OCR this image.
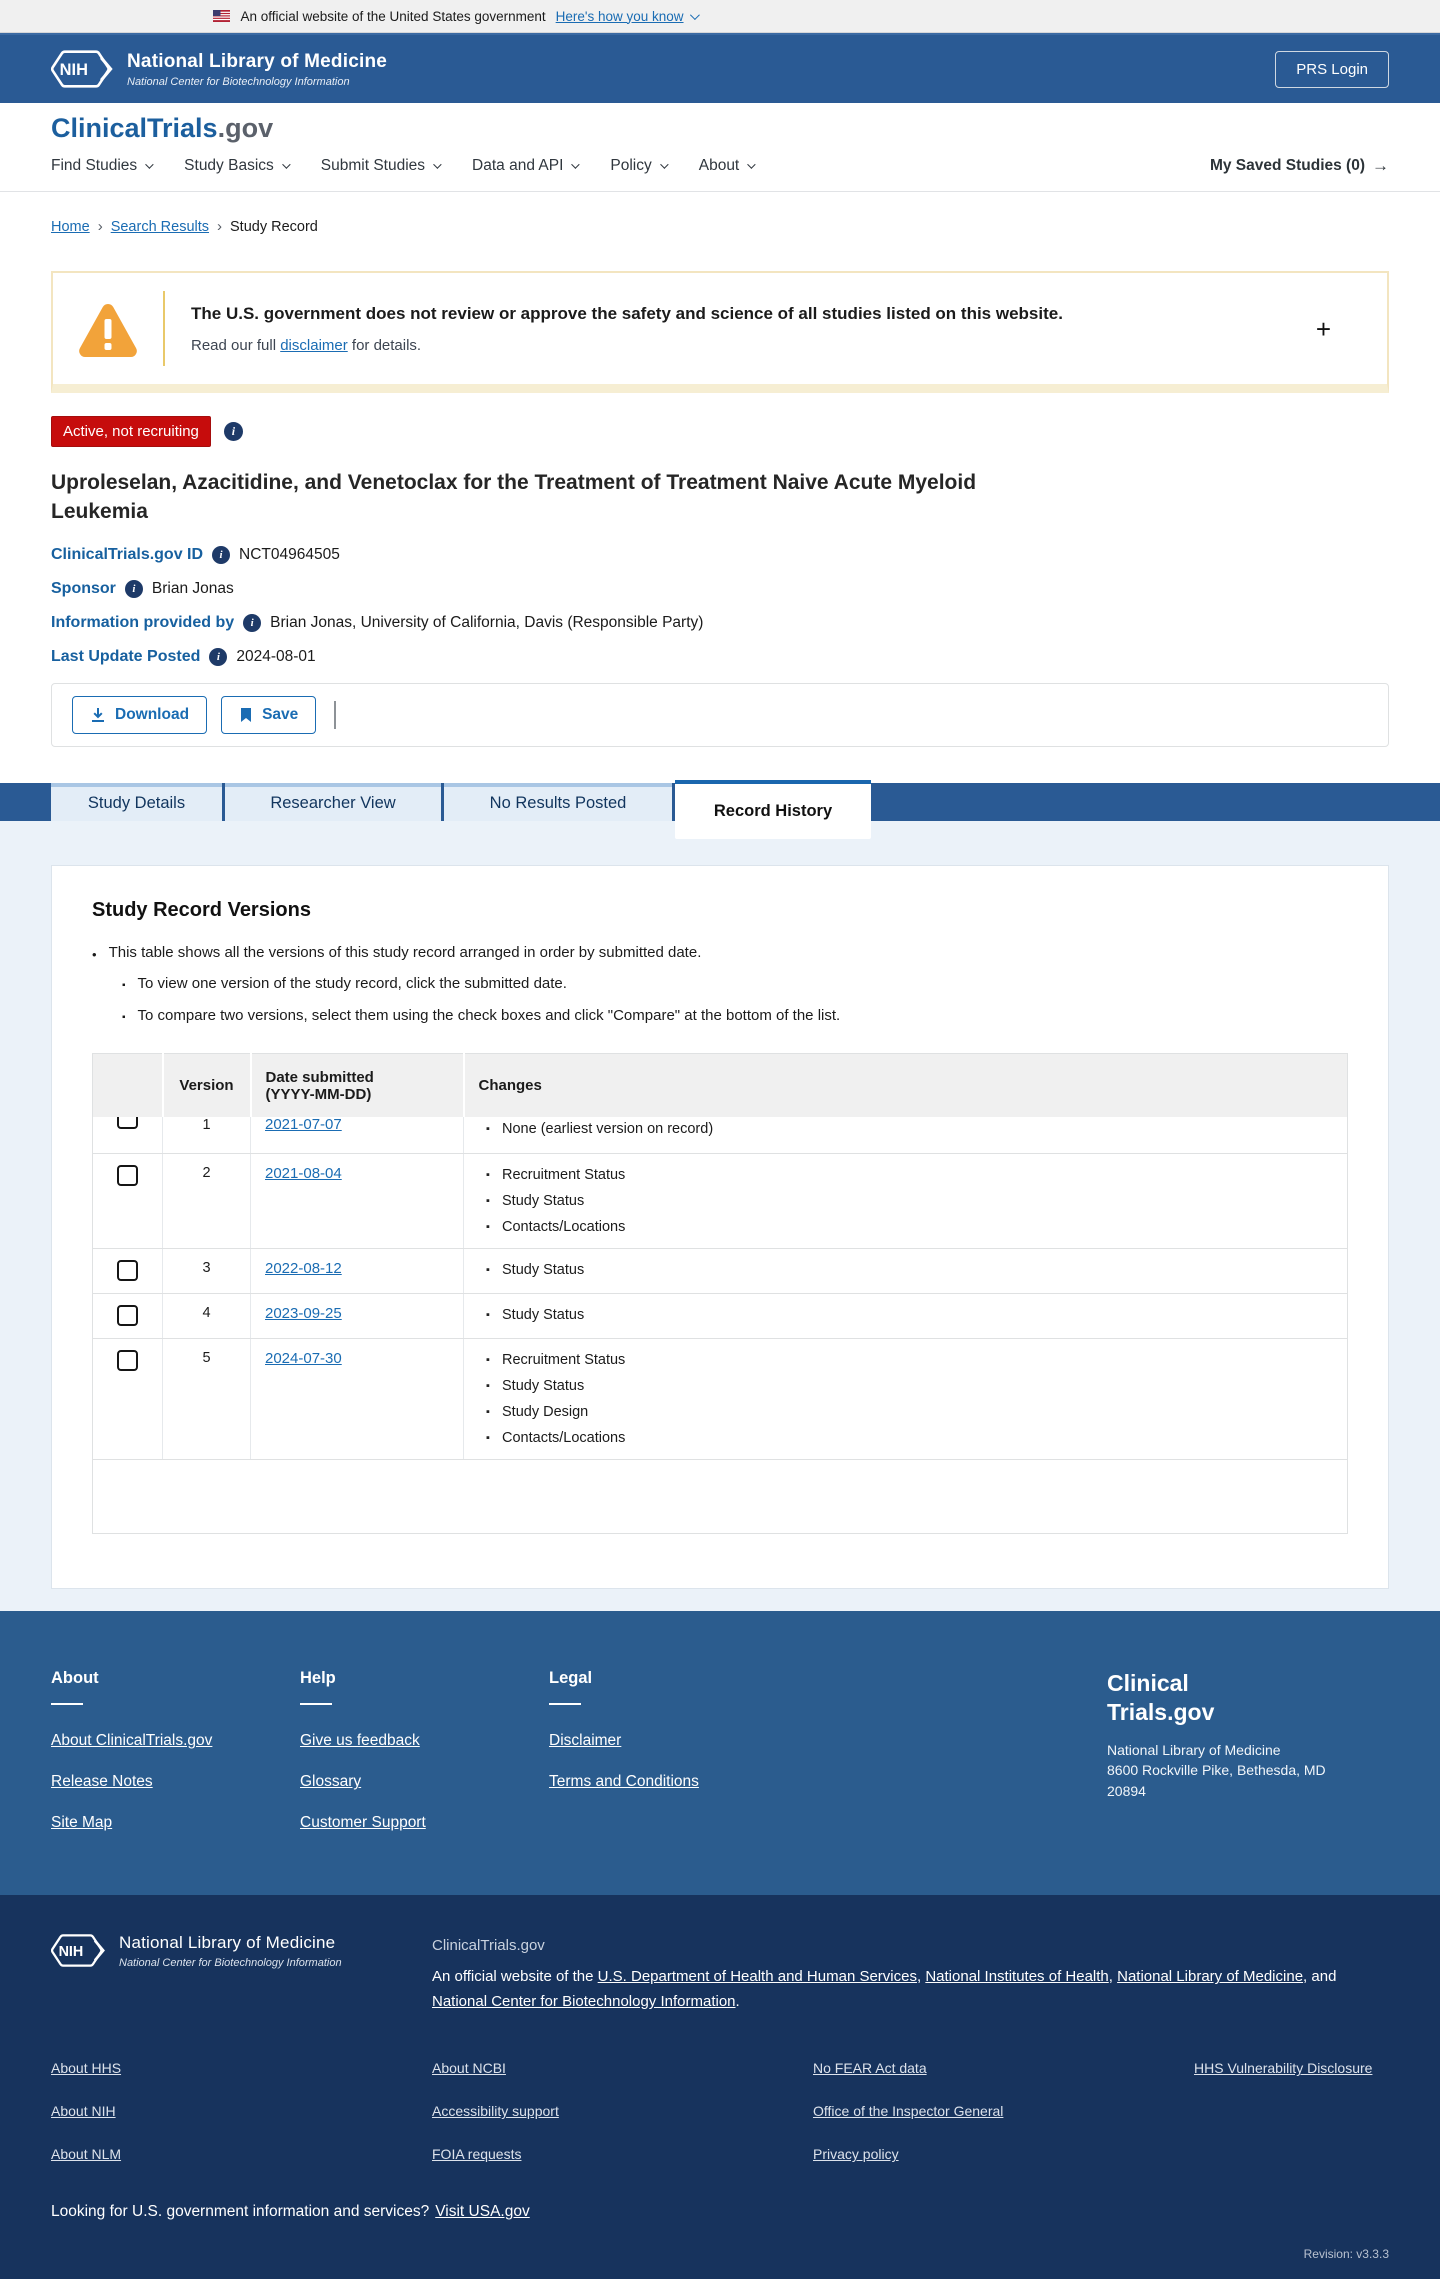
An official website of the United States government Here's how you know
NIH National Library of Medicine
National Center for Biotechnology Information
PRS Login
ClinicalTrials.gov
Find Studies	Study Basics	Submit Studies	Data and API	Policy	About	My Saved Studies (0) →
Home › Search Results › Study Record
The U.S. government does not review or approve the safety and science of all studies listed on this website.
Read our full disclaimer for details.
+
Active, not recruiting	i
Uproleselan, Azacitidine, and Venetoclax for the Treatment of Treatment Naive Acute Myeloid Leukemia
ClinicalTrials.gov ID	i	NCT04964505
Sponsor	i	Brian Jonas
Information provided by	i	Brian Jonas, University of California, Davis (Responsible Party)
Last Update Posted	i	2024-08-01
Download	Save
Study Details	Researcher View	No Results Posted	Record History
Study Record Versions
• This table shows all the versions of this study record arranged in order by submitted date.
▪ To view one version of the study record, click the submitted date.
▪ To compare two versions, select them using the check boxes and click "Compare" at the bottom of the list.
	Version	Date submitted
(YYYY-MM-DD)	Changes

1	2021-07-07

▪None (earliest version on record)

	2	2021-08-04	
▪Recruitment Status
▪ Study Status
▪ Contacts/Locations

	3	2022-08-12	
▪Study Status

	4	2023-09-25	
▪Study Status

	5	2024-07-30	
▪Recruitment Status
▪ Study Status
▪ Study Design
▪ Contacts/Locations

About
About ClinicalTrials.gov
Release Notes
Site Map
Help
Give us feedback
Glossary
Customer Support
Legal
Disclaimer
Terms and Conditions
Clinical
Trials.gov
National Library of Medicine
8600 Rockville Pike, Bethesda, MD
20894
NIH National Library of Medicine
National Center for Biotechnology Information
ClinicalTrials.gov
An official website of the U.S. Department of Health and Human Services, National Institutes of Health, National Library of Medicine, and National Center for Biotechnology Information.
About HHS
About NIH
About NLM
About NCBI
Accessibility support
FOIA requests
No FEAR Act data
Office of the Inspector General
Privacy policy
HHS Vulnerability Disclosure
Looking for U.S. government information and services? Visit USA.gov
Revision: v3.3.3
